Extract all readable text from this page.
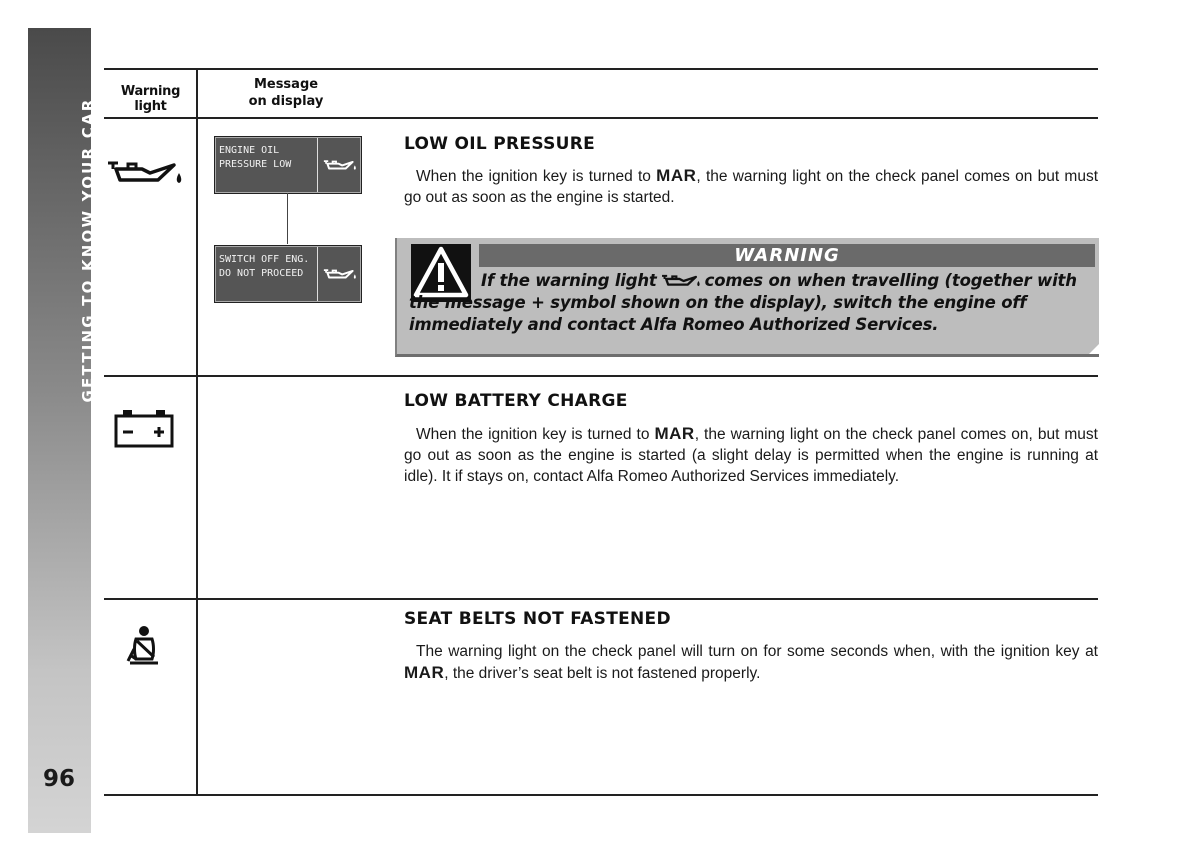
GETTING TO KNOW YOUR CAR
96
Warning light
Message
on display
ENGINE OIL
PRESSURE LOW
SWITCH OFF ENG.
DO NOT PROCEED
LOW OIL PRESSURE
When the ignition key is turned to MAR, the warning light on the check panel comes on but must go out as soon as the engine is started.
WARNING
If the warning light	comes on when travelling (together with the message + symbol shown on the display), switch the engine off immediately and contact Alfa Romeo Authorized Services.
LOW BATTERY CHARGE
When the ignition key is turned to MAR, the warning light on the check panel comes on, but must go out as soon as the engine is started (a slight delay is permitted when the engine is running at idle). It if stays on, contact Alfa Romeo Authorized Services immediately.
SEAT BELTS NOT FASTENED
The warning light on the check panel will turn on for some seconds when, with the ignition key at MAR, the driver’s seat belt is not fastened properly.
